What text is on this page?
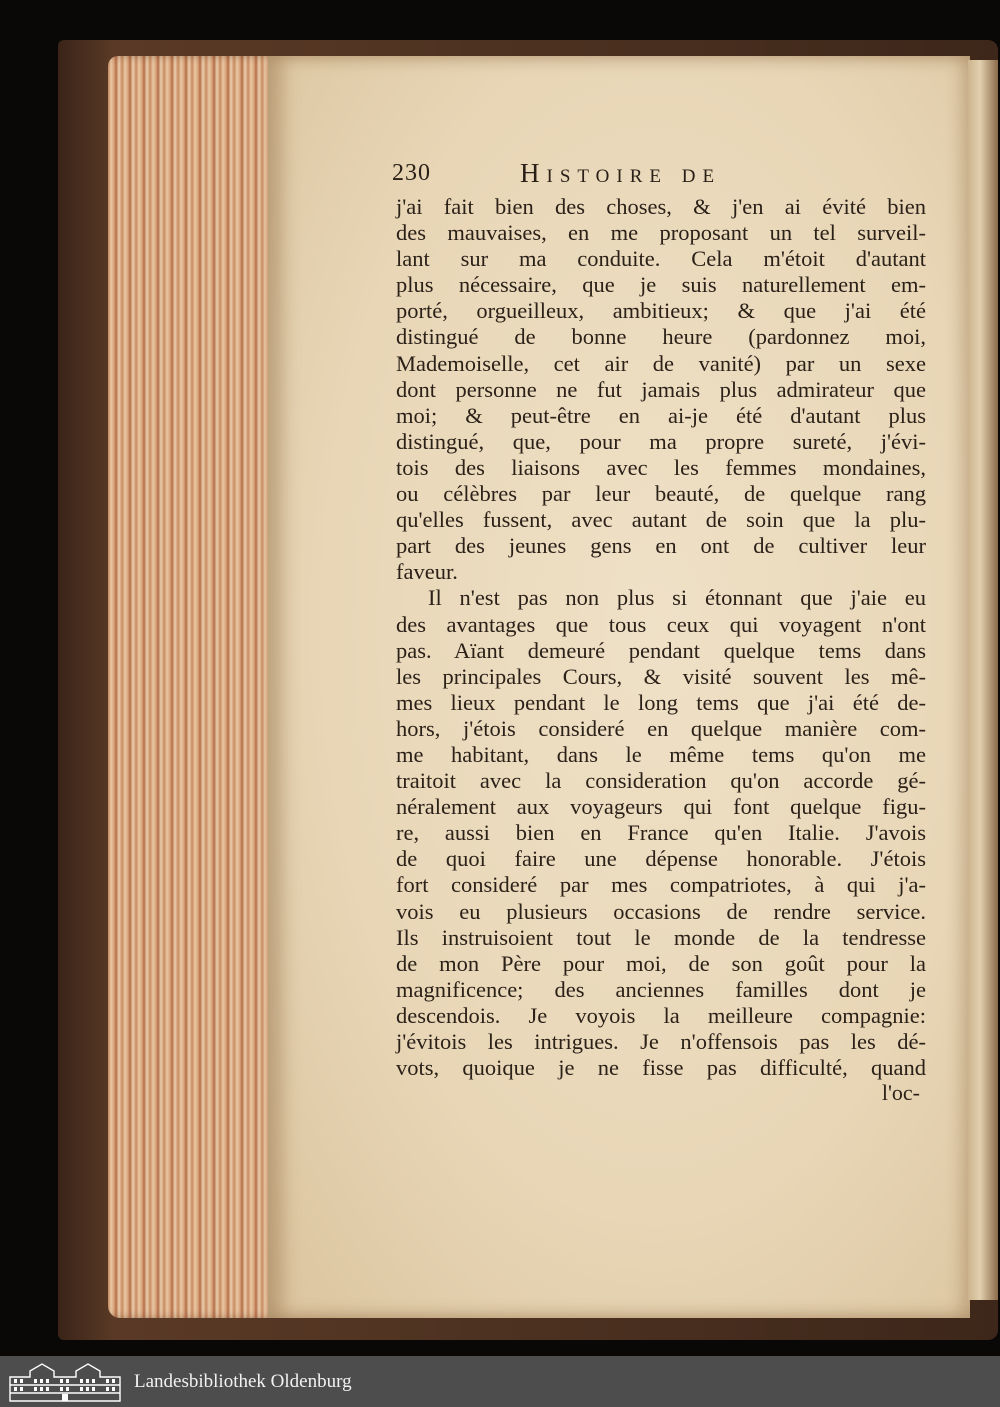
230	Histoire de
j'ai fait bien des choses, & j'en ai évité bien
des mauvaises, en me proposant un tel surveil-
lant sur ma conduite. Cela m'étoit d'autant
plus nécessaire, que je suis naturellement em-
porté, orgueilleux, ambitieux; & que j'ai été
distingué de bonne heure (pardonnez moi,
Mademoiselle, cet air de vanité) par un sexe
dont personne ne fut jamais plus admirateur que
moi; & peut-être en ai-je été d'autant plus
distingué, que, pour ma propre sureté, j'évi-
tois des liaisons avec les femmes mondaines,
ou célèbres par leur beauté, de quelque rang
qu'elles fussent, avec autant de soin que la plu-
part des jeunes gens en ont de cultiver leur
faveur.
Il n'est pas non plus si étonnant que j'aie eu
des avantages que tous ceux qui voyagent n'ont
pas. Aïant demeuré pendant quelque tems dans
les principales Cours, & visité souvent les mê-
mes lieux pendant le long tems que j'ai été de-
hors, j'étois consideré en quelque manière com-
me habitant, dans le même tems qu'on me
traitoit avec la consideration qu'on accorde gé-
néralement aux voyageurs qui font quelque figu-
re, aussi bien en France qu'en Italie. J'avois
de quoi faire une dépense honorable. J'étois
fort consideré par mes compatriotes, à qui j'a-
vois eu plusieurs occasions de rendre service.
Ils instruisoient tout le monde de la tendresse
de mon Père pour moi, de son goût pour la
magnificence; des anciennes familles dont je
descendois. Je voyois la meilleure compagnie:
j'évitois les intrigues. Je n'offensois pas les dé-
vots, quoique je ne fisse pas difficulté, quand
l'oc-
Landesbibliothek Oldenburg
